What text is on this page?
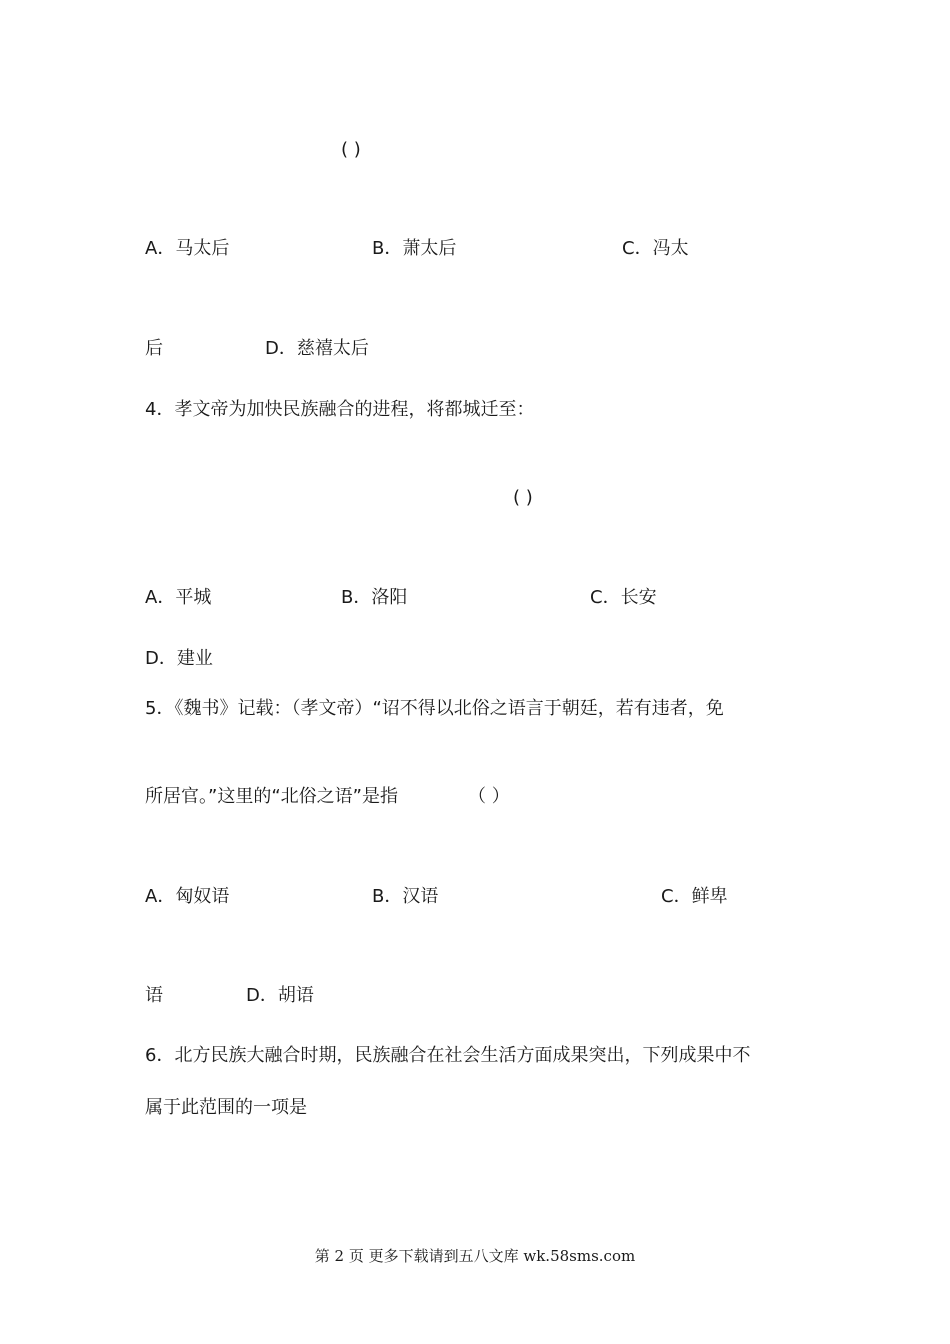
( )
A．马太后	B．萧太后	C．冯太
后	D．慈禧太后
4．孝文帝为加快民族融合的进程，将都城迁至：
( )
A．平城	B．洛阳	C．长安
D．建业
5．《魏书》记载：（孝文帝）“诏不得以北俗之语言于朝廷，若有违者，免
所居官。”这里的“北俗之语”是指	（ ）
A．匈奴语	B．汉语	C．鲜卑
语	D．胡语
6．北方民族大融合时期，民族融合在社会生活方面成果突出，下列成果中不
属于此范围的一项是
第 2 页 更多下载请到五八文库 wk.58sms.com
